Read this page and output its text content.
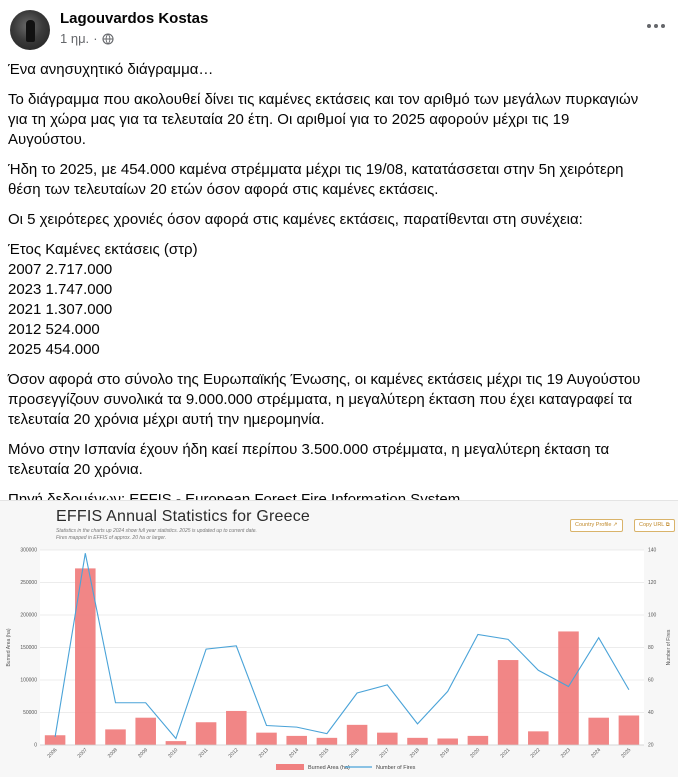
Lagouvardos Kostas
1 ημ. ·

Ένα ανησυχητικό διάγραμμα…

Το διάγραμμα που ακολουθεί δίνει τις καμένες εκτάσεις και τον αριθμό των μεγάλων πυρκαγιών για τη χώρα μας για τα τελευταία 20 έτη. Οι αριθμοί για το 2025 αφορούν μέχρι τις 19 Αυγούστου.

Ήδη το 2025, με 454.000 καμένα στρέμματα μέχρι τις 19/08, κατατάσσεται στην 5η χειρότερη θέση των τελευταίων 20 ετών όσον αφορά στις καμένες εκτάσεις.

Οι 5 χειρότερες χρονιές όσον αφορά στις καμένες εκτάσεις, παρατίθενται στη συνέχεια:

Έτος Καμένες εκτάσεις (στρ)
2007 2.717.000
2023 1.747.000
2021 1.307.000
2012 524.000
2025 454.000

Όσον αφορά στο σύνολο της Ευρωπαϊκής Ένωσης, οι καμένες εκτάσεις μέχρι τις 19 Αυγούστου προσεγγίζουν συνολικά τα 9.000.000 στρέμματα, η μεγαλύτερη έκταση που έχει καταγραφεί τα τελευταία 20 χρόνια μέχρι αυτή την ημερομηνία.

Μόνο στην Ισπανία έχουν ήδη καεί περίπου 3.500.000 στρέμματα, η μεγαλύτερη έκταση τα τελευταία 20 χρόνια.

EFFIS Annual Statistics for Greece
Statistics in the charts up 2024 show full year statistics. 2025 is updated up to current date.
Fires mapped in EFFIS of approx. 20 ha or larger.
Country Profile ↗	Copy URL ⧉
300000
250000
200000
150000
100000
50000
0
140
120
100
80
60
40
20
Burned Area (ha)	Number of Fires
2006	2007	2008	2009	2010	2011	2012	2013	2014	2015	2016	2017	2018	2019	2020	2021	2022	2023	2024	2025
Burned Area (ha)	Number of Fires
